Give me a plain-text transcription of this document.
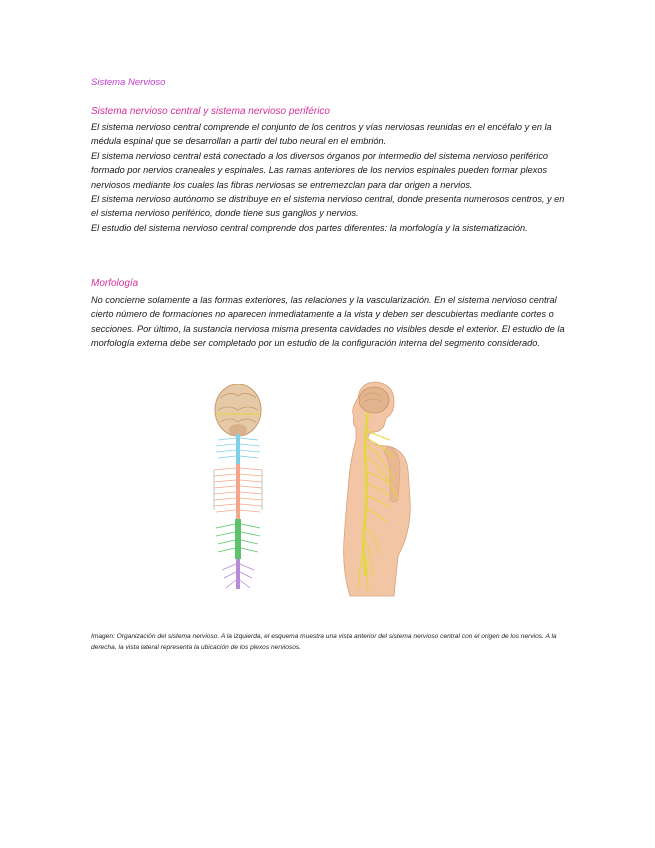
Sistema Nervioso
Sistema nervioso central y sistema nervioso periférico

El sistema nervioso central comprende el conjunto de los centros y vías nerviosas reunidas en el encéfalo y en la médula espinal que se desarrollan a partir del tubo neural en el embrión.

El sistema nervioso central está conectado a los diversos órganos por intermedio del sistema nervioso periférico formado por nervios craneales y espinales. Las ramas anteriores de los nervios espinales pueden formar plexos nerviosos mediante los cuales las fibras nerviosas se entremezclan para dar origen a nervios.

El sistema nervioso autónomo se distribuye en el sistema nervioso central, donde presenta numerosos centros, y en el sistema nervioso periférico, donde tiene sus ganglios y nervios.

El estudio del sistema nervioso central comprende dos partes diferentes: la morfología y la sistematización.

Morfología

No concierne solamente a las formas exteriores, las relaciones y la vascularización. En el sistema nervioso central cierto número de formaciones no aparecen inmediatamente a la vista y deben ser descubiertas mediante cortes o secciones. Por último, la sustancia nerviosa misma presenta cavidades no visibles desde el exterior. El estudio de la morfología externa debe ser completado por un estudio de la configuración interna del segmento considerado.

Imagen: Organización del sistema nervioso. A la izquierda, el esquema muestra una vista anterior del sistema nervioso central con el origen de los nervios. A la derecha, la vista lateral representa la ubicación de los plexos nerviosos.
